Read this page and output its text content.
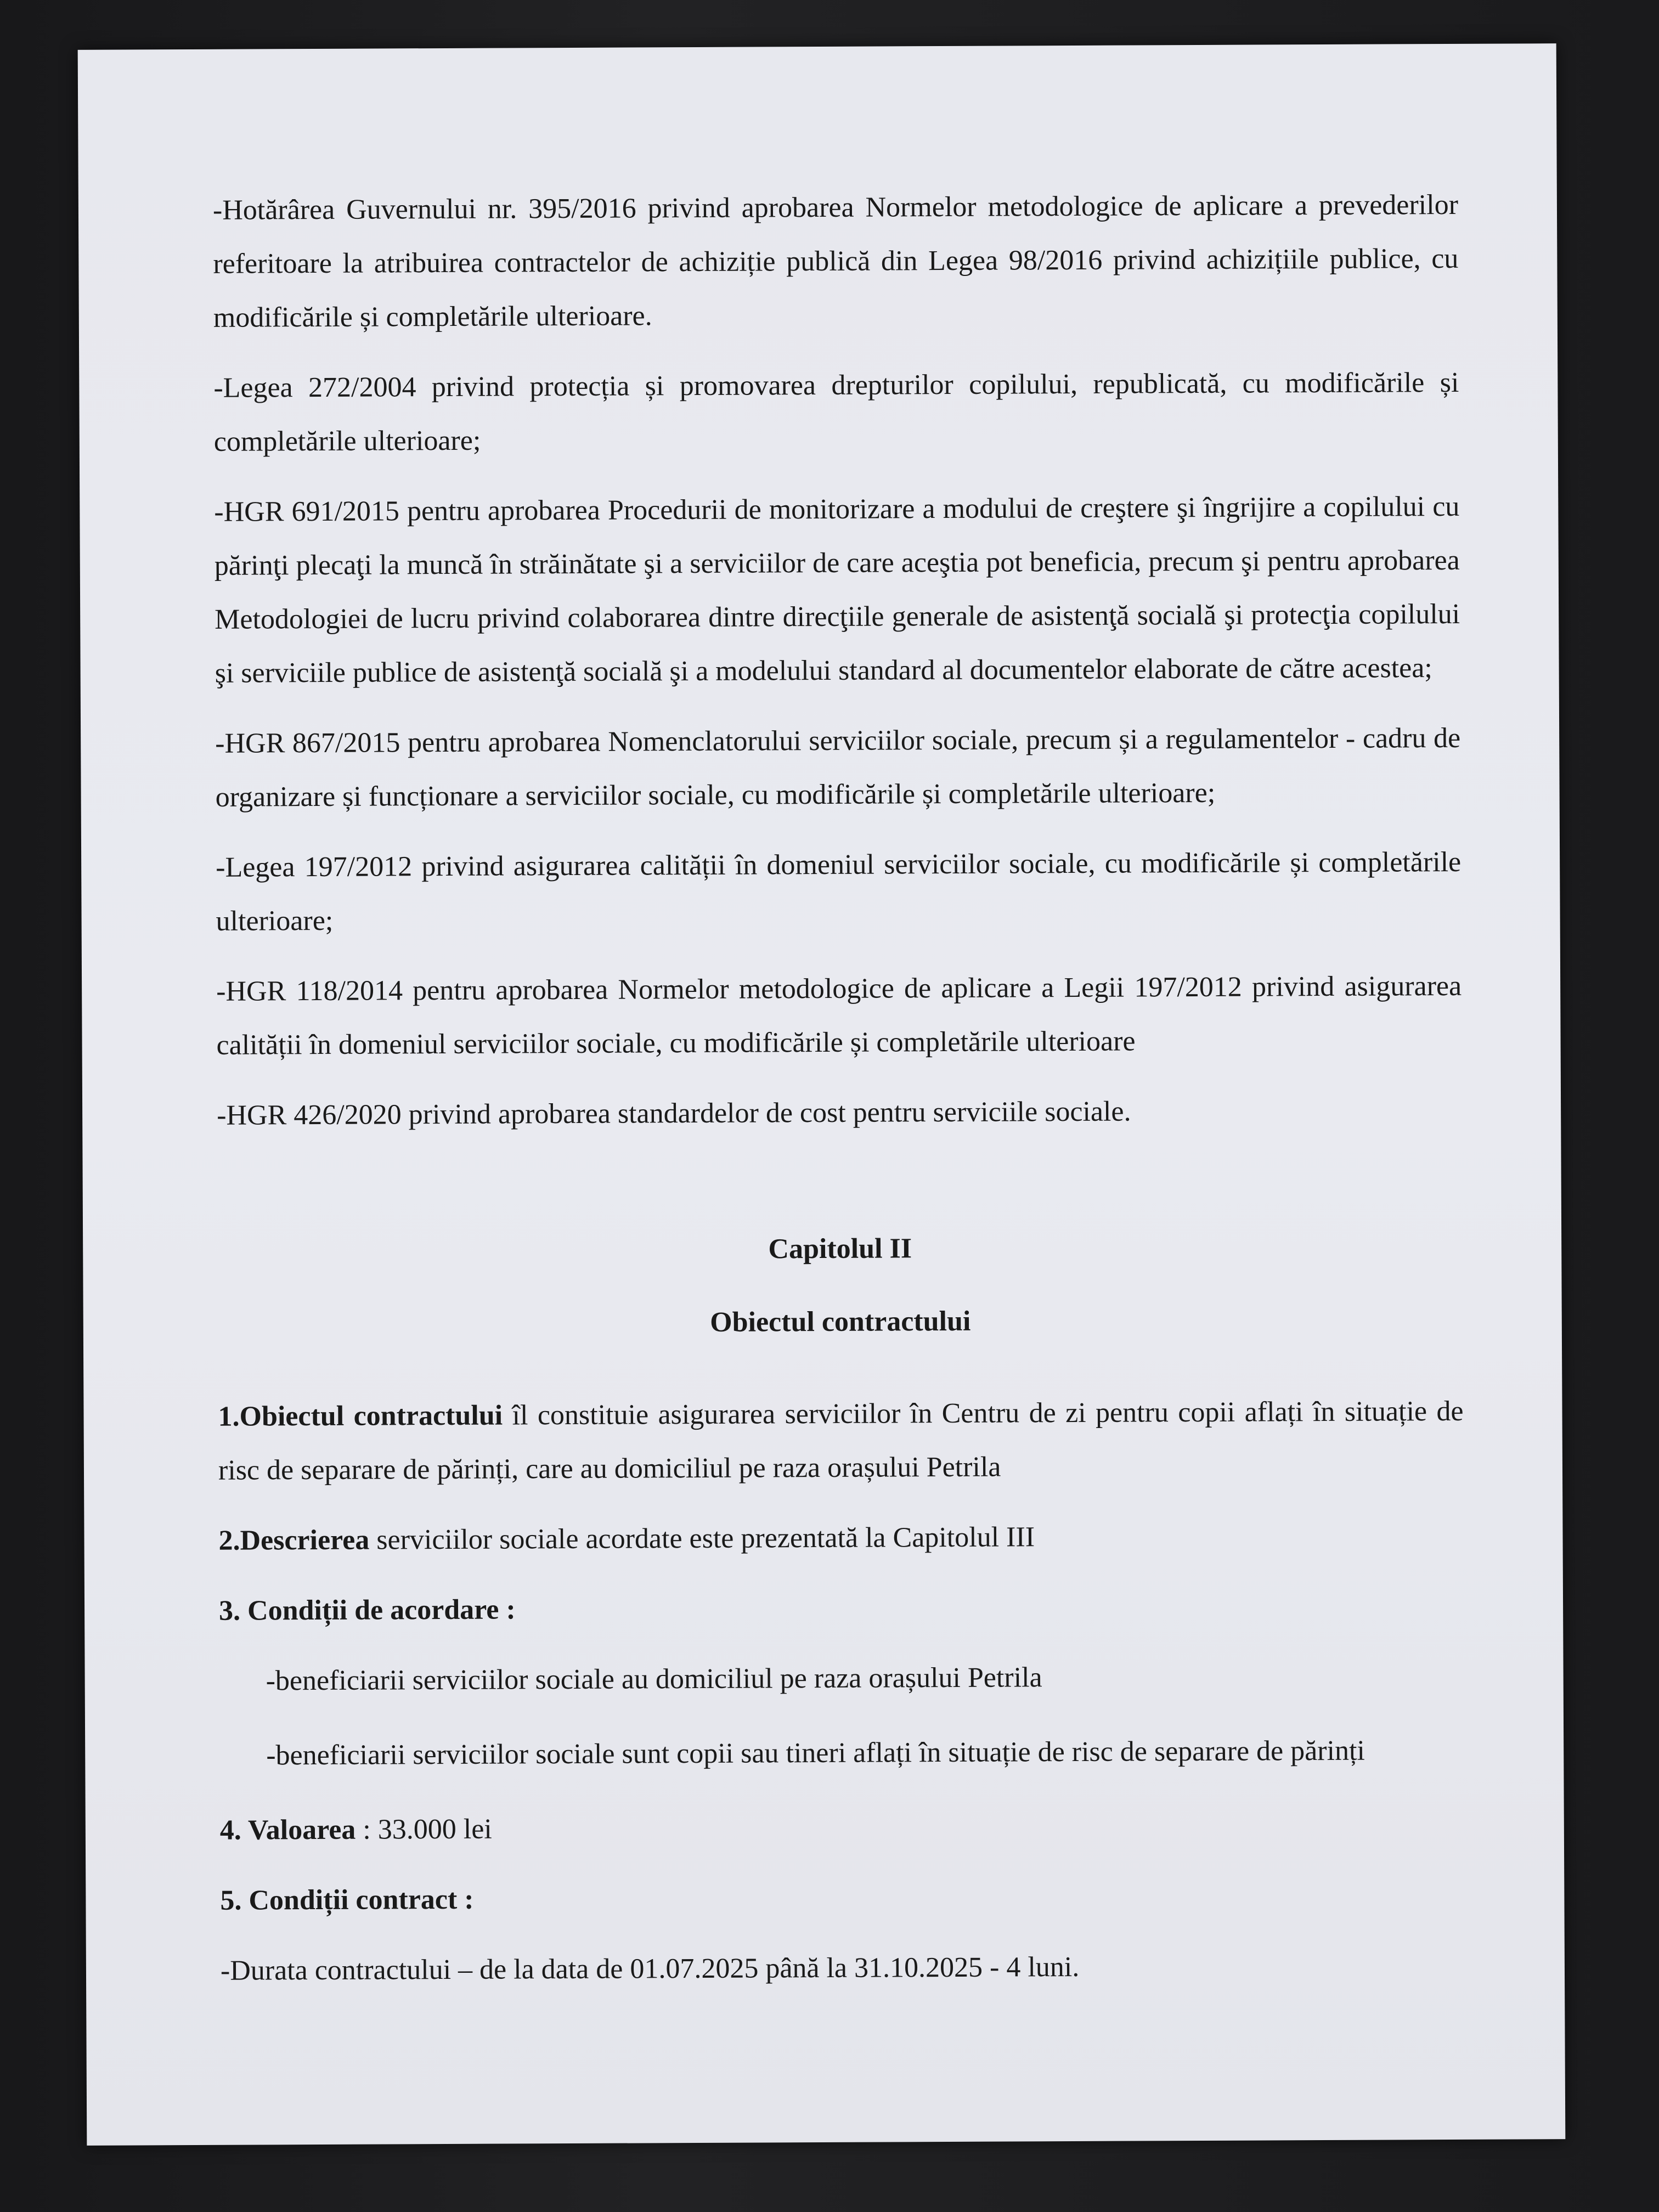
-Hotărârea Guvernului nr. 395/2016 privind aprobarea Normelor metodologice de aplicare a prevederilor referitoare la atribuirea contractelor de achiziție publică din Legea 98/2016 privind achizițiile publice, cu modificările și completările ulterioare.

-Legea 272/2004 privind protecția și promovarea drepturilor copilului, republicată, cu modificările și completările ulterioare;

-HGR 691/2015 pentru aprobarea Procedurii de monitorizare a modului de creştere şi îngrijire a copilului cu părinţi plecaţi la muncă în străinătate şi a serviciilor de care aceştia pot beneficia, precum şi pentru aprobarea Metodologiei de lucru privind colaborarea dintre direcţiile generale de asistenţă socială şi protecţia copilului şi serviciile publice de asistenţă socială şi a modelului standard al documentelor elaborate de către acestea;

-HGR 867/2015 pentru aprobarea Nomenclatorului serviciilor sociale, precum și a regulamentelor - cadru de organizare și funcționare a serviciilor sociale, cu modificările și completările ulterioare;

-Legea 197/2012 privind asigurarea calității în domeniul serviciilor sociale, cu modificările și completările ulterioare;

-HGR 118/2014 pentru aprobarea Normelor metodologice de aplicare a Legii 197/2012 privind asigurarea calității în domeniul serviciilor sociale, cu modificările și completările ulterioare

-HGR 426/2020 privind aprobarea standardelor de cost pentru serviciile sociale.

Capitolul II

Obiectul contractului

1.Obiectul contractului îl constituie asigurarea serviciilor în Centru de zi pentru copii aflați în situație de risc de separare de părinți, care au domiciliul pe raza orașului Petrila

2.Descrierea serviciilor sociale acordate este prezentată la Capitolul III

3. Condiții de acordare :

-beneficiarii serviciilor sociale au domiciliul pe raza orașului Petrila

-beneficiarii serviciilor sociale sunt copii sau tineri aflați în situație de risc de separare de părinți

4. Valoarea : 33.000 lei

5. Condiții contract :

-Durata contractului – de la data de 01.07.2025 până la 31.10.2025 - 4 luni.
